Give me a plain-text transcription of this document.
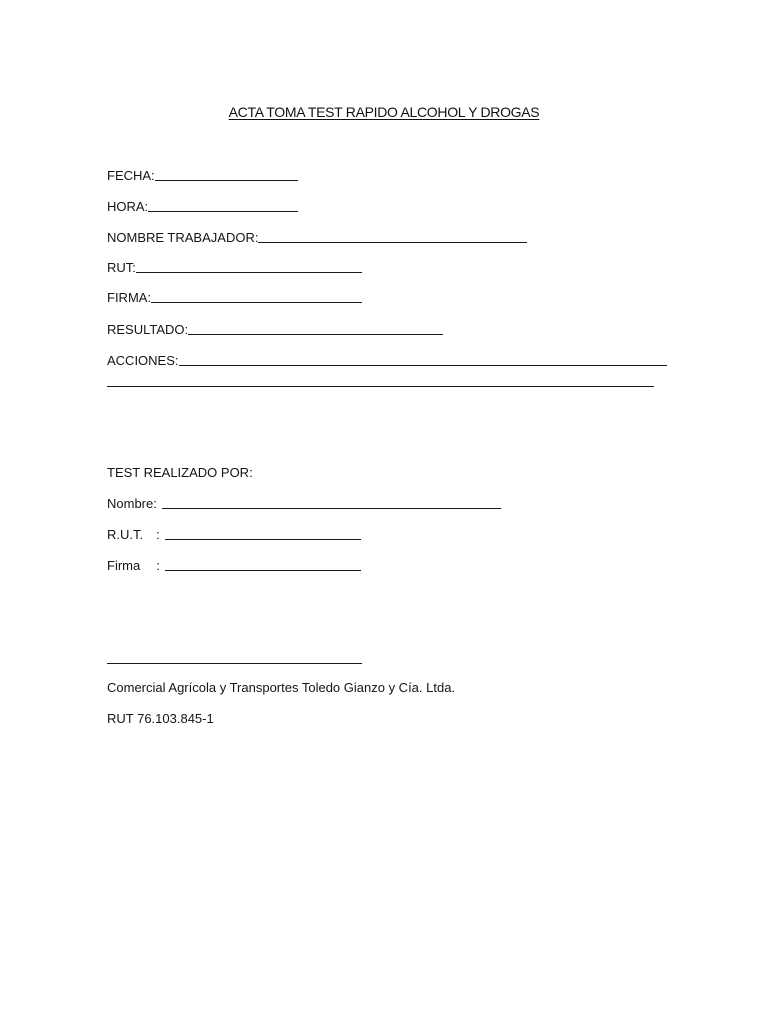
ACTA TOMA TEST RAPIDO ALCOHOL Y DROGAS
FECHA:
HORA:
NOMBRE TRABAJADOR:
RUT:
FIRMA:
RESULTADO:
ACCIONES:
TEST REALIZADO POR:
Nombre:
R.U.T. :
Firma :
Comercial Agrícola y Transportes Toledo Gianzo y Cía. Ltda.
RUT 76.103.845-1
